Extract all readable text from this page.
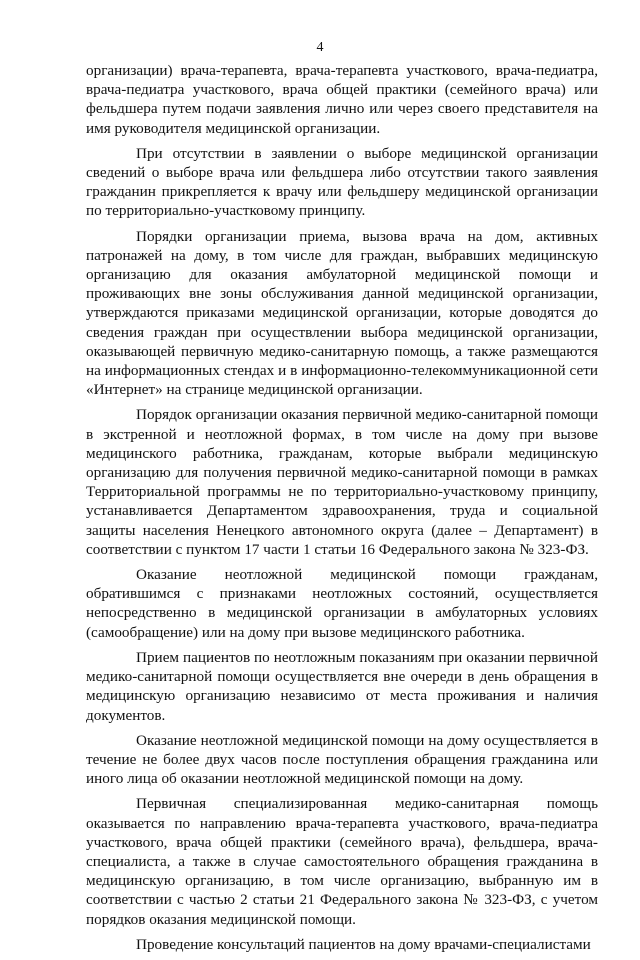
4

организации) врача-терапевта, врача-терапевта участкового, врача-педиатра, врача-педиатра участкового, врача общей практики (семейного врача) или фельдшера путем подачи заявления лично или через своего представителя на имя руководителя медицинской организации.

При отсутствии в заявлении о выборе медицинской организации сведений о выборе врача или фельдшера либо отсутствии такого заявления гражданин прикрепляется к врачу или фельдшеру медицинской организации по территориально-участковому принципу.

Порядки организации приема, вызова врача на дом, активных патронажей на дому, в том числе для граждан, выбравших медицинскую организацию для оказания амбулаторной медицинской помощи и проживающих вне зоны обслуживания данной медицинской организации, утверждаются приказами медицинской организации, которые доводятся до сведения граждан при осуществлении выбора медицинской организации, оказывающей первичную медико-санитарную помощь, а также размещаются на информационных стендах и в информационно-телекоммуникационной сети «Интернет» на странице медицинской организации.

Порядок организации оказания первичной медико-санитарной помощи в экстренной и неотложной формах, в том числе на дому при вызове медицинского работника, гражданам, которые выбрали медицинскую организацию для получения первичной медико-санитарной помощи в рамках Территориальной программы не по территориально-участковому принципу, устанавливается Департаментом здравоохранения, труда и социальной защиты населения Ненецкого автономного округа (далее – Департамент) в соответствии с пунктом 17 части 1 статьи 16 Федерального закона № 323-ФЗ.

Оказание неотложной медицинской помощи гражданам, обратившимся с признаками неотложных состояний, осуществляется непосредственно в медицинской организации в амбулаторных условиях (самообращение) или на дому при вызове медицинского работника.

Прием пациентов по неотложным показаниям при оказании первичной медико-санитарной помощи осуществляется вне очереди в день обращения в медицинскую организацию независимо от места проживания и наличия документов.

Оказание неотложной медицинской помощи на дому осуществляется в течение не более двух часов после поступления обращения гражданина или иного лица об оказании неотложной медицинской помощи на дому.

Первичная специализированная медико-санитарная помощь оказывается по направлению врача-терапевта участкового, врача-педиатра участкового, врача общей практики (семейного врача), фельдшера, врача-специалиста, а также в случае самостоятельного обращения гражданина в медицинскую организацию, в том числе организацию, выбранную им в соответствии с частью 2 статьи 21 Федерального закона № 323-ФЗ, с учетом порядков оказания медицинской помощи.

Проведение консультаций пациентов на дому врачами-специалистами
